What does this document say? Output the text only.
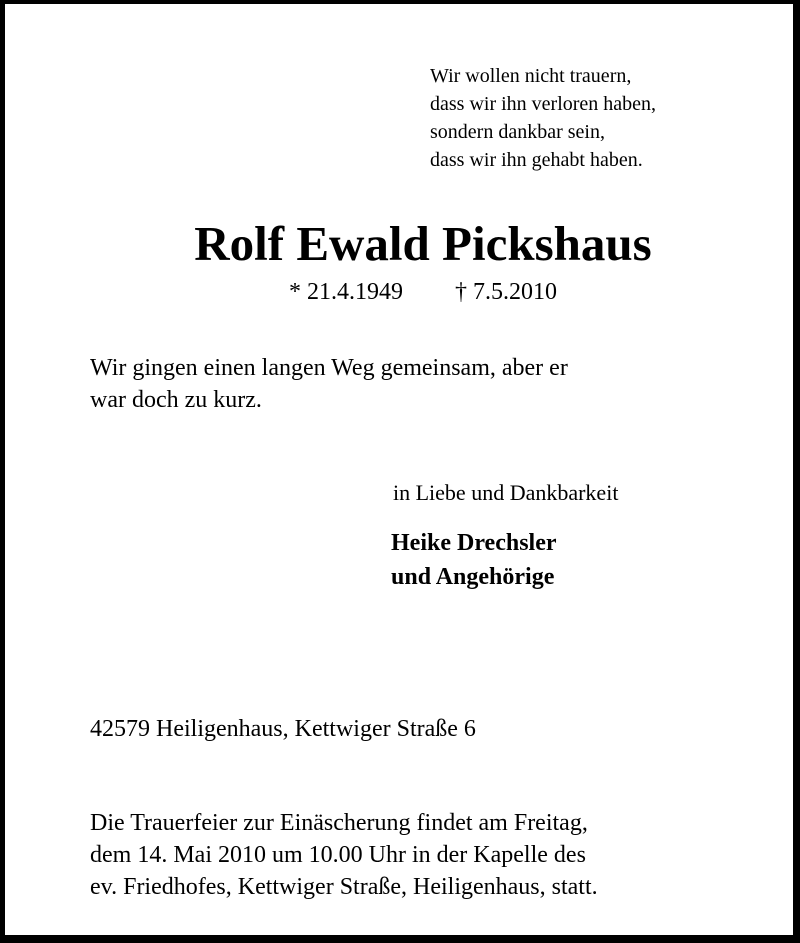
Wir wollen nicht trauern,
dass wir ihn verloren haben,
sondern dankbar sein,
dass wir ihn gehabt haben.

Rolf Ewald Pickshaus
* 21.4.1949 † 7.5.2010

Wir gingen einen langen Weg gemeinsam, aber er
war doch zu kurz.

in Liebe und Dankbarkeit
Heike Drechsler
und Angehörige
42579 Heiligenhaus, Kettwiger Straße 6

Die Trauerfeier zur Einäscherung findet am Freitag,
dem 14. Mai 2010 um 10.00 Uhr in der Kapelle des
ev. Friedhofes, Kettwiger Straße, Heiligenhaus, statt.
